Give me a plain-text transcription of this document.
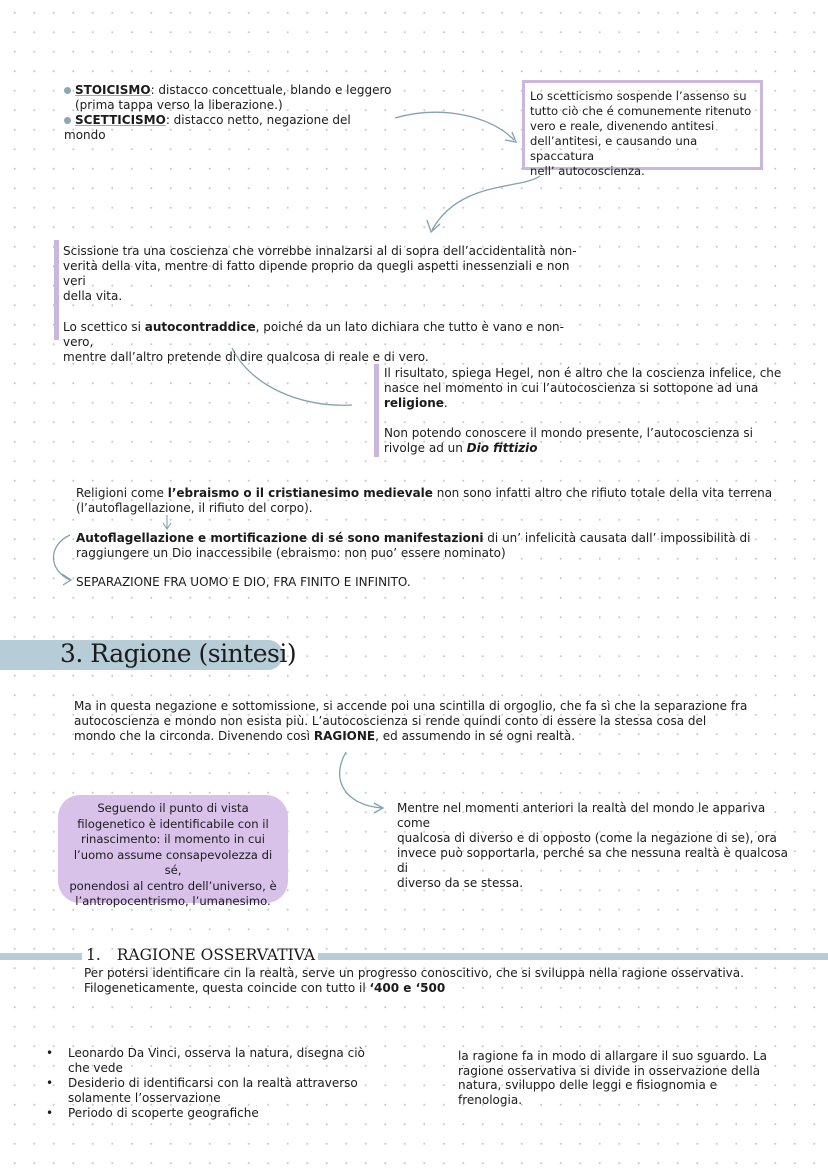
STOICISMO: distacco concettuale, blando e leggero
(prima tappa verso la liberazione.)
SCETTICISMO: distacco netto, negazione del mondo
Lo scetticismo sospende l’assenso su
tutto ciò che é comunemente ritenuto
vero e reale, divenendo antitesi
dell’antitesi, e causando una spaccatura
nell’ autocoscienza.
Scissione tra una coscienza che vorrebbe innalzarsi al di sopra dell’accidentalità non-
verità della vita, mentre di fatto dipende proprio da quegli aspetti inessenziali e non veri
della vita.
Lo scettico si autocontraddice, poiché da un lato dichiara che tutto è vano e non-vero,
mentre dall’altro pretende di dire qualcosa di reale e di vero.
Il risultato, spiega Hegel, non é altro che la coscienza infelice, che
nasce nel momento in cui l’autocoscienza si sottopone ad una
religione.
Non potendo conoscere il mondo presente, l’autocoscienza si
rivolge ad un Dio fittizio
Religioni come l’ebraismo o il cristianesimo medievale non sono infatti altro che rifiuto totale della vita terrena
(l’autoflagellazione, il rifiuto del corpo).
Autoflagellazione e mortificazione di sé sono manifestazioni di un’ infelicità causata dall’ impossibilità di
raggiungere un Dio inaccessibile (ebraismo: non puo’ essere nominato)
SEPARAZIONE FRA UOMO E DIO, FRA FINITO E INFINITO.
3. Ragione (sintesi)
Ma in questa negazione e sottomissione, si accende poi una scintilla di orgoglio, che fa sì che la separazione fra
autocoscienza e mondo non esista più. L’autocoscienza si rende quindi conto di essere la stessa cosa del
mondo che la circonda. Divenendo così RAGIONE, ed assumendo in sé ogni realtà.
Seguendo il punto di vista
filogenetico è identificabile con il
rinascimento: il momento in cui
l’uomo assume consapevolezza di sé,
ponendosi al centro dell’universo, è
l’antropocentrismo, l’umanesimo.
Mentre nel momenti anteriori la realtà del mondo le appariva come
qualcosa di diverso e di opposto (come la negazione di se), ora
invece può sopportarla, perché sa che nessuna realtà è qualcosa di
diverso da se stessa.
1. RAGIONE OSSERVATIVA
Per potersi identificare cin la realtà, serve un progresso conoscitivo, che si sviluppa nella ragione osservativa.
Filogeneticamente, questa coincide con tutto il ‘400 e ‘500
• Leonardo Da Vinci, osserva la natura, disegna ciò
che vede
• Desiderio di identificarsi con la realtà attraverso
solamente l’osservazione
• Periodo di scoperte geografiche
la ragione fa in modo di allargare il suo sguardo. La
ragione osservativa si divide in osservazione della
natura, sviluppo delle leggi e fisiognomia e
frenologia.
